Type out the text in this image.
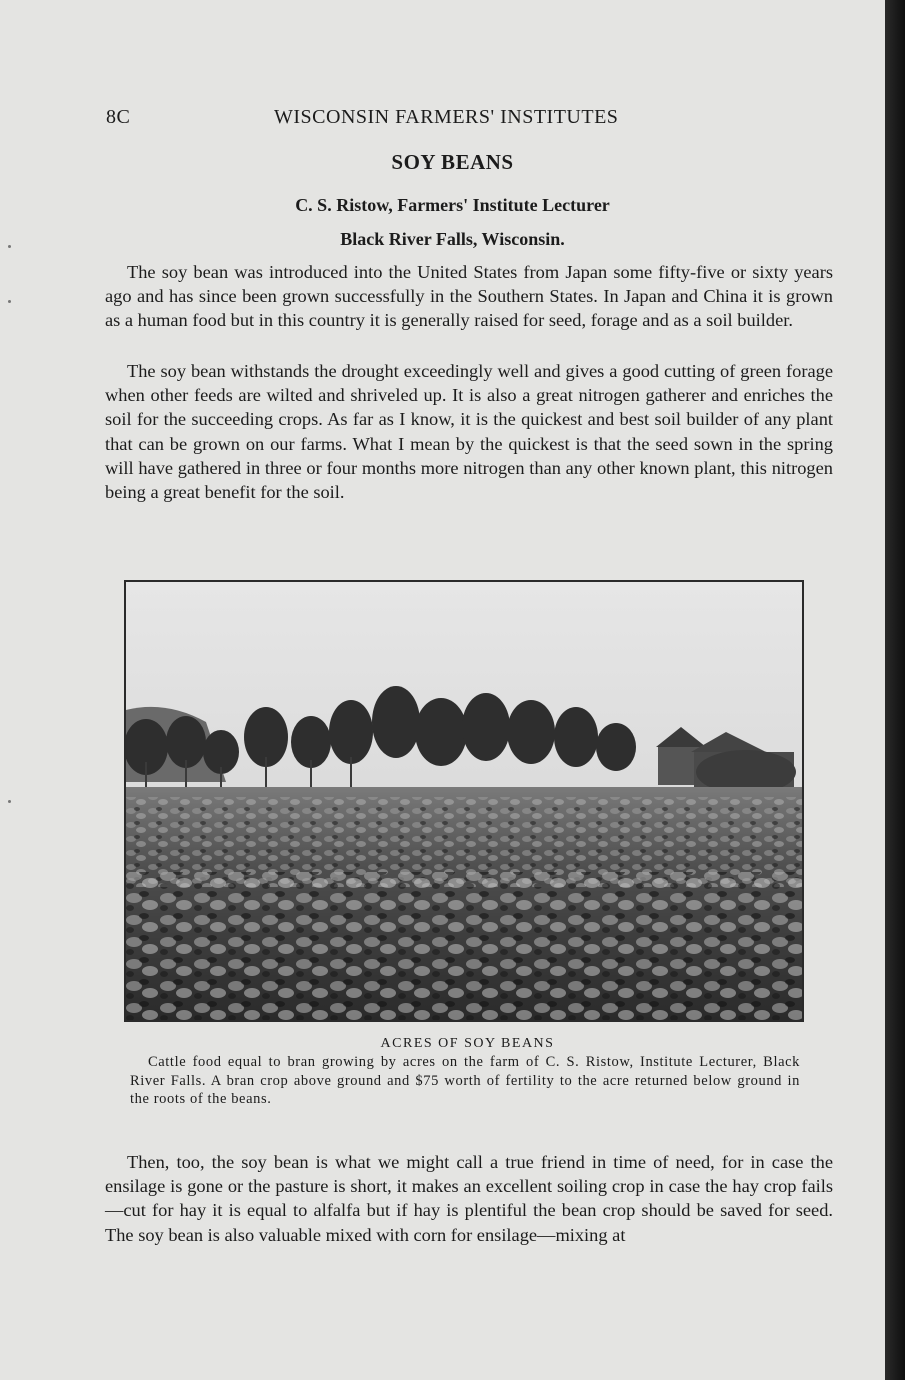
8C	WISCONSIN FARMERS' INSTITUTES
SOY BEANS
C. S. Ristow, Farmers' Institute Lecturer
Black River Falls, Wisconsin.

The soy bean was introduced into the United States from Japan some fifty-five or sixty years ago and has since been grown successfully in the Southern States. In Japan and China it is grown as a human food but in this country it is generally raised for seed, forage and as a soil builder.

The soy bean withstands the drought exceedingly well and gives a good cutting of green forage when other feeds are wilted and shriveled up. It is also a great nitrogen gatherer and enriches the soil for the succeeding crops. As far as I know, it is the quickest and best soil builder of any plant that can be grown on our farms. What I mean by the quickest is that the seed sown in the spring will have gathered in three or four months more nitrogen than any other known plant, this nitrogen being a great benefit for the soil.

ACRES OF SOY BEANS

Cattle food equal to bran growing by acres on the farm of C. S. Ristow, Institute Lecturer, Black River Falls. A bran crop above ground and $75 worth of fertility to the acre returned below ground in the roots of the beans.

Then, too, the soy bean is what we might call a true friend in time of need, for in case the ensilage is gone or the pasture is short, it makes an excellent soiling crop in case the hay crop fails—cut for hay it is equal to alfalfa but if hay is plentiful the bean crop should be saved for seed. The soy bean is also valuable mixed with corn for ensilage—mixing at
